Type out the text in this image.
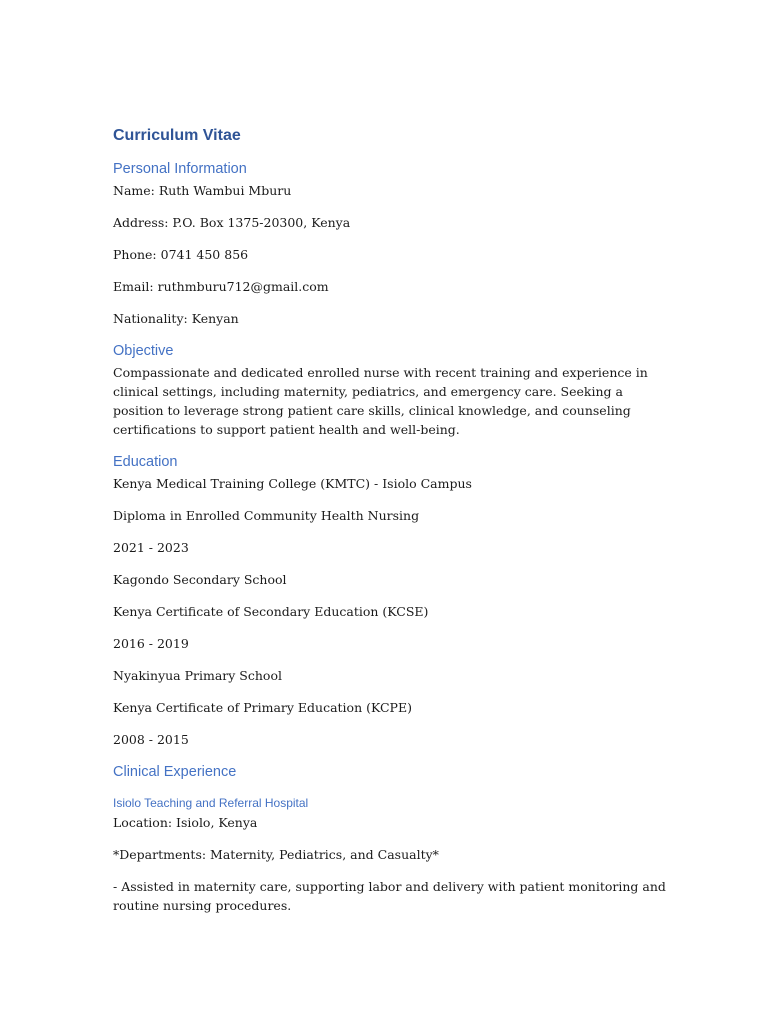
Curriculum Vitae
Personal Information

Name: Ruth Wambui Mburu

Address: P.O. Box 1375-20300, Kenya

Phone: 0741 450 856

Email: ruthmburu712@gmail.com

Nationality: Kenyan

Objective

Compassionate and dedicated enrolled nurse with recent training and experience in clinical settings, including maternity, pediatrics, and emergency care. Seeking a position to leverage strong patient care skills, clinical knowledge, and counseling certifications to support patient health and well-being.

Education

Kenya Medical Training College (KMTC) - Isiolo Campus

Diploma in Enrolled Community Health Nursing

2021 - 2023

Kagondo Secondary School

Kenya Certificate of Secondary Education (KCSE)

2016 - 2019

Nyakinyua Primary School

Kenya Certificate of Primary Education (KCPE)

2008 - 2015

Clinical Experience
Isiolo Teaching and Referral Hospital

Location: Isiolo, Kenya

*Departments: Maternity, Pediatrics, and Casualty*

- Assisted in maternity care, supporting labor and delivery with patient monitoring and routine nursing procedures.
